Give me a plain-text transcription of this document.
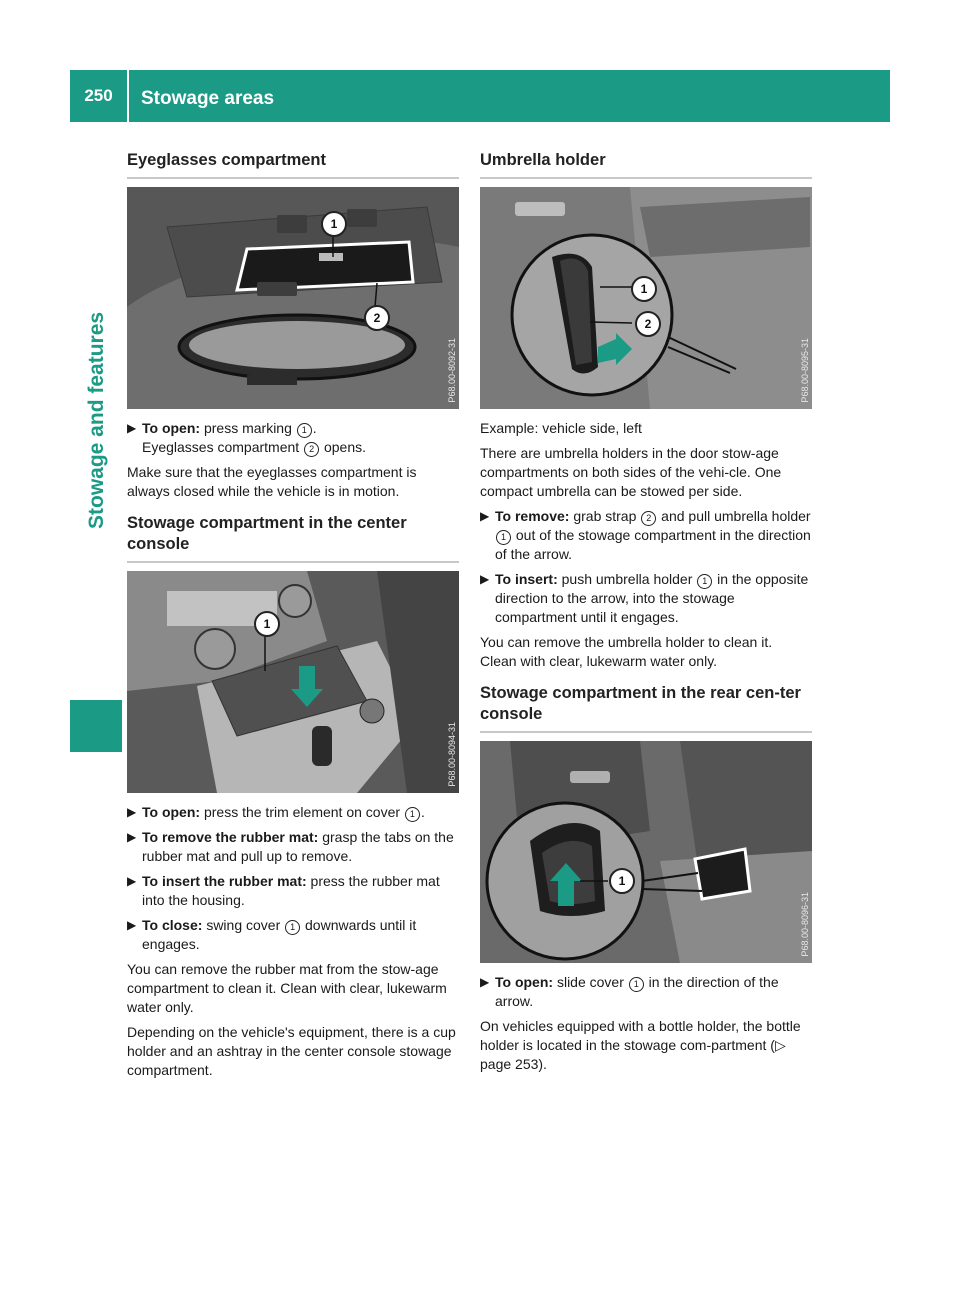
250	Stowage areas
Stowage and features
Eyeglasses compartment
1
2
P68.00-8092-31
▶ To open: press marking 1 .
Eyeglasses compartment 2 opens.

Make sure that the eyeglasses compartment is always closed while the vehicle is in motion.

Stowage compartment in the center console
1
P68.00-8094-31
▶ To open: press the trim element on cover 1 .
▶ To remove the rubber mat: grasp the tabs on the rubber mat and pull up to remove.
▶ To insert the rubber mat: press the rubber mat into the housing.
▶ To close: swing cover 1 downwards until it engages.

You can remove the rubber mat from the stow-age compartment to clean it. Clean with clear, lukewarm water only.

Depending on the vehicle's equipment, there is a cup holder and an ashtray in the center console stowage compartment.

Umbrella holder
1
2
P68.00-8095-31

Example: vehicle side, left

There are umbrella holders in the door stow-age compartments on both sides of the vehi-cle. One compact umbrella can be stowed per side.

▶ To remove: grab strap 2 and pull umbrella holder 1 out of the stowage compartment in the direction of the arrow.
▶ To insert: push umbrella holder 1 in the opposite direction to the arrow, into the stowage compartment until it engages.

You can remove the umbrella holder to clean it. Clean with clear, lukewarm water only.

Stowage compartment in the rear cen-ter console
1
P68.00-8096-31
▶ To open: slide cover 1 in the direction of the arrow.

On vehicles equipped with a bottle holder, the bottle holder is located in the stowage com-partment (▷ page 253).
